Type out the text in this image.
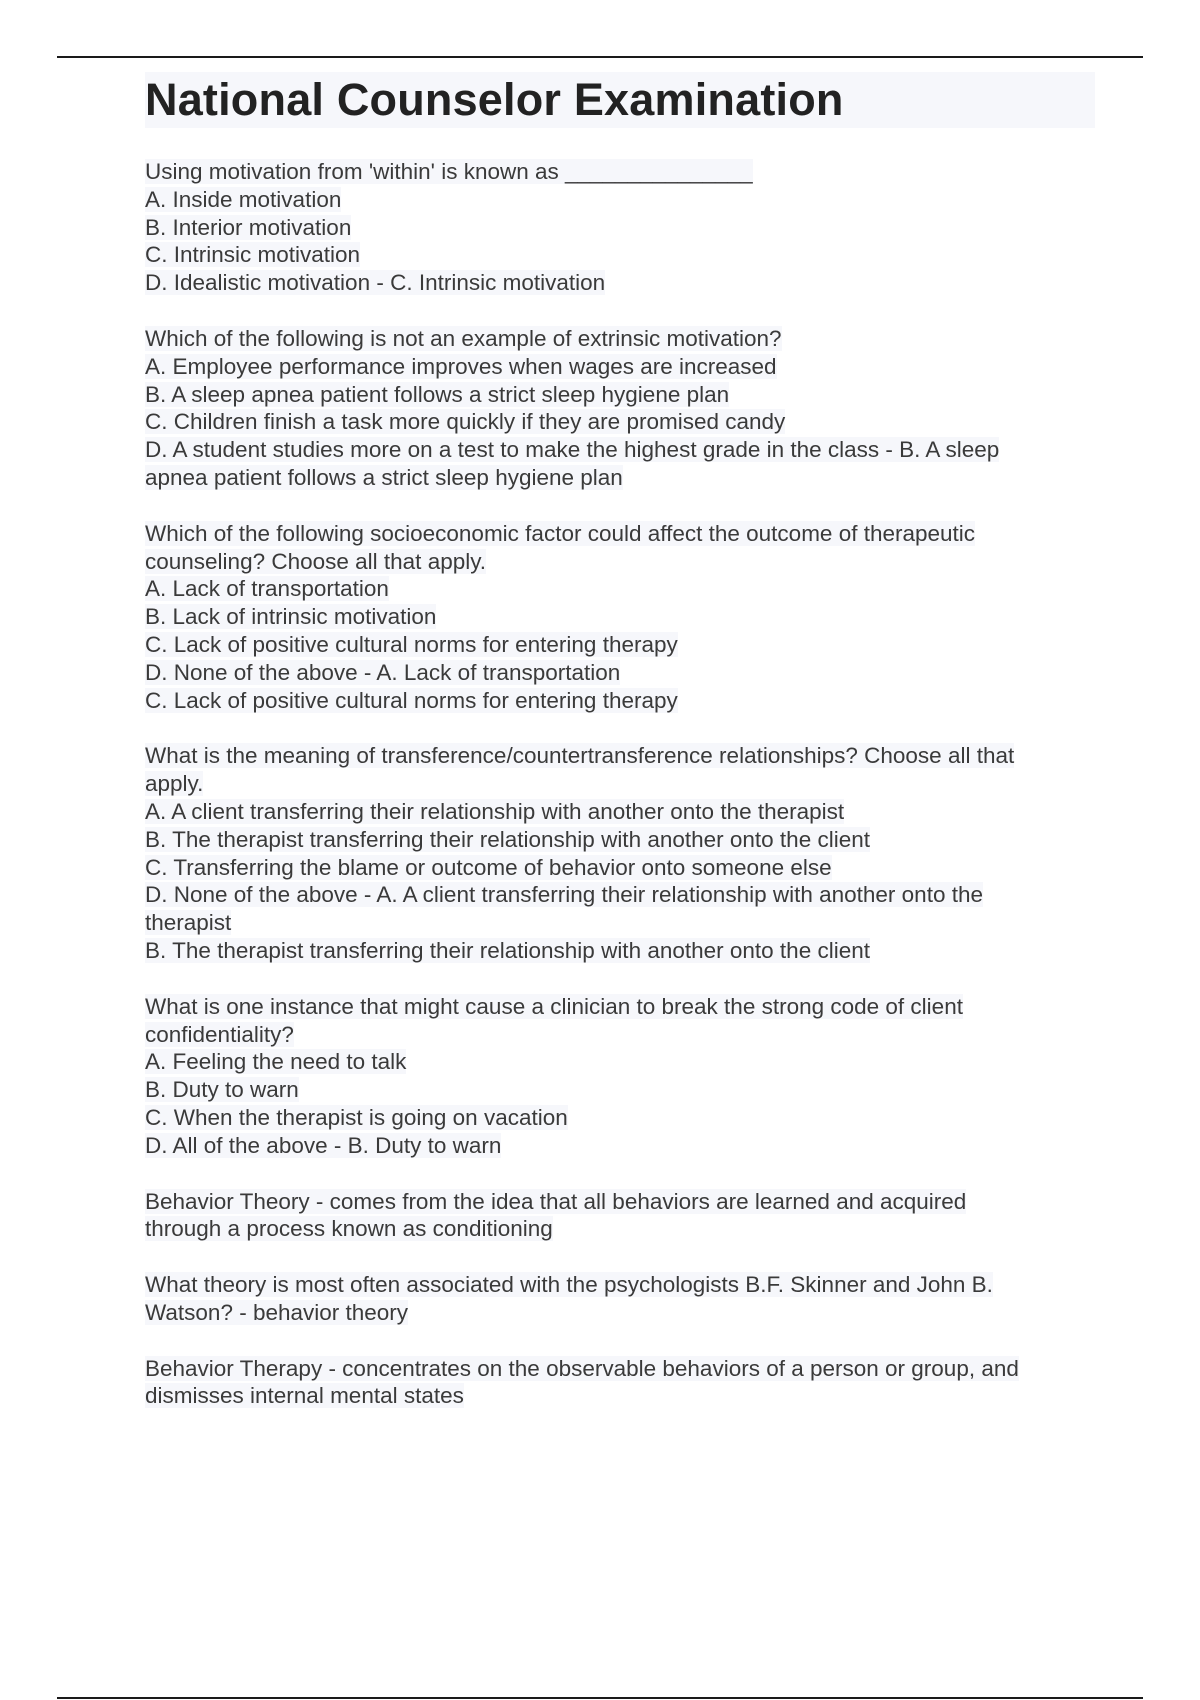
National Counselor Examination
Using motivation from 'within' is known as _______________
A. Inside motivation
B. Interior motivation
C. Intrinsic motivation
D. Idealistic motivation - C. Intrinsic motivation
Which of the following is not an example of extrinsic motivation?
A. Employee performance improves when wages are increased
B. A sleep apnea patient follows a strict sleep hygiene plan
C. Children finish a task more quickly if they are promised candy
D. A student studies more on a test to make the highest grade in the class - B. A sleep
apnea patient follows a strict sleep hygiene plan
Which of the following socioeconomic factor could affect the outcome of therapeutic
counseling? Choose all that apply.
A. Lack of transportation
B. Lack of intrinsic motivation
C. Lack of positive cultural norms for entering therapy
D. None of the above - A. Lack of transportation
C. Lack of positive cultural norms for entering therapy
What is the meaning of transference/countertransference relationships? Choose all that
apply.
A. A client transferring their relationship with another onto the therapist
B. The therapist transferring their relationship with another onto the client
C. Transferring the blame or outcome of behavior onto someone else
D. None of the above - A. A client transferring their relationship with another onto the
therapist
B. The therapist transferring their relationship with another onto the client
What is one instance that might cause a clinician to break the strong code of client
confidentiality?
A. Feeling the need to talk
B. Duty to warn
C. When the therapist is going on vacation
D. All of the above - B. Duty to warn
Behavior Theory - comes from the idea that all behaviors are learned and acquired
through a process known as conditioning
What theory is most often associated with the psychologists B.F. Skinner and John B.
Watson? - behavior theory
Behavior Therapy - concentrates on the observable behaviors of a person or group, and
dismisses internal mental states
